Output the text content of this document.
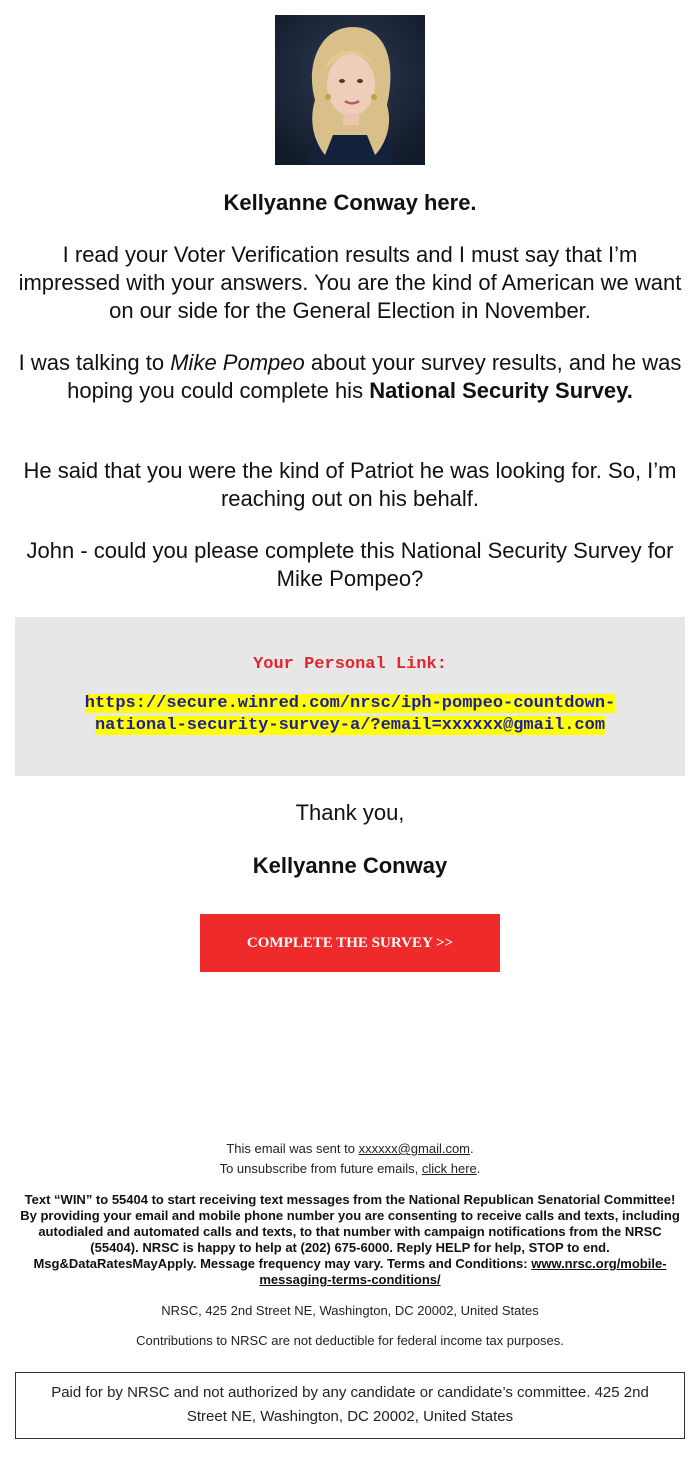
Kellyanne Conway here.

I read your Voter Verification results and I must say that I’m impressed with your answers. You are the kind of American we want on our side for the General Election in November.

I was talking to Mike Pompeo about your survey results, and he was hoping you could complete his National Security Survey.

He said that you were the kind of Patriot he was looking for. So, I’m reaching out on his behalf.

John - could you please complete this National Security Survey for Mike Pompeo?

Your Personal Link:
https://secure.winred.com/nrsc/iph-pompeo-countdown-
national-security-survey-a/?email=xxxxxx@gmail.com
Thank you,
Kellyanne Conway
COMPLETE THE SURVEY >>
This email was sent to xxxxxx@gmail.com.
To unsubscribe from future emails, click here.
Text “WIN” to 55404 to start receiving text messages from the National Republican Senatorial Committee! By providing your email and mobile phone number you are consenting to receive calls and texts, including autodialed and automated calls and texts, to that number with campaign notifications from the NRSC (55404). NRSC is happy to help at (202) 675-6000. Reply HELP for help, STOP to end. Msg&DataRatesMayApply. Message frequency may vary. Terms and Conditions: www.nrsc.org/mobile-messaging-terms-conditions/
NRSC, 425 2nd Street NE, Washington, DC 20002, United States
Contributions to NRSC are not deductible for federal income tax purposes.
Paid for by NRSC and not authorized by any candidate or candidate’s committee. 425 2nd Street NE, Washington, DC 20002, United States
